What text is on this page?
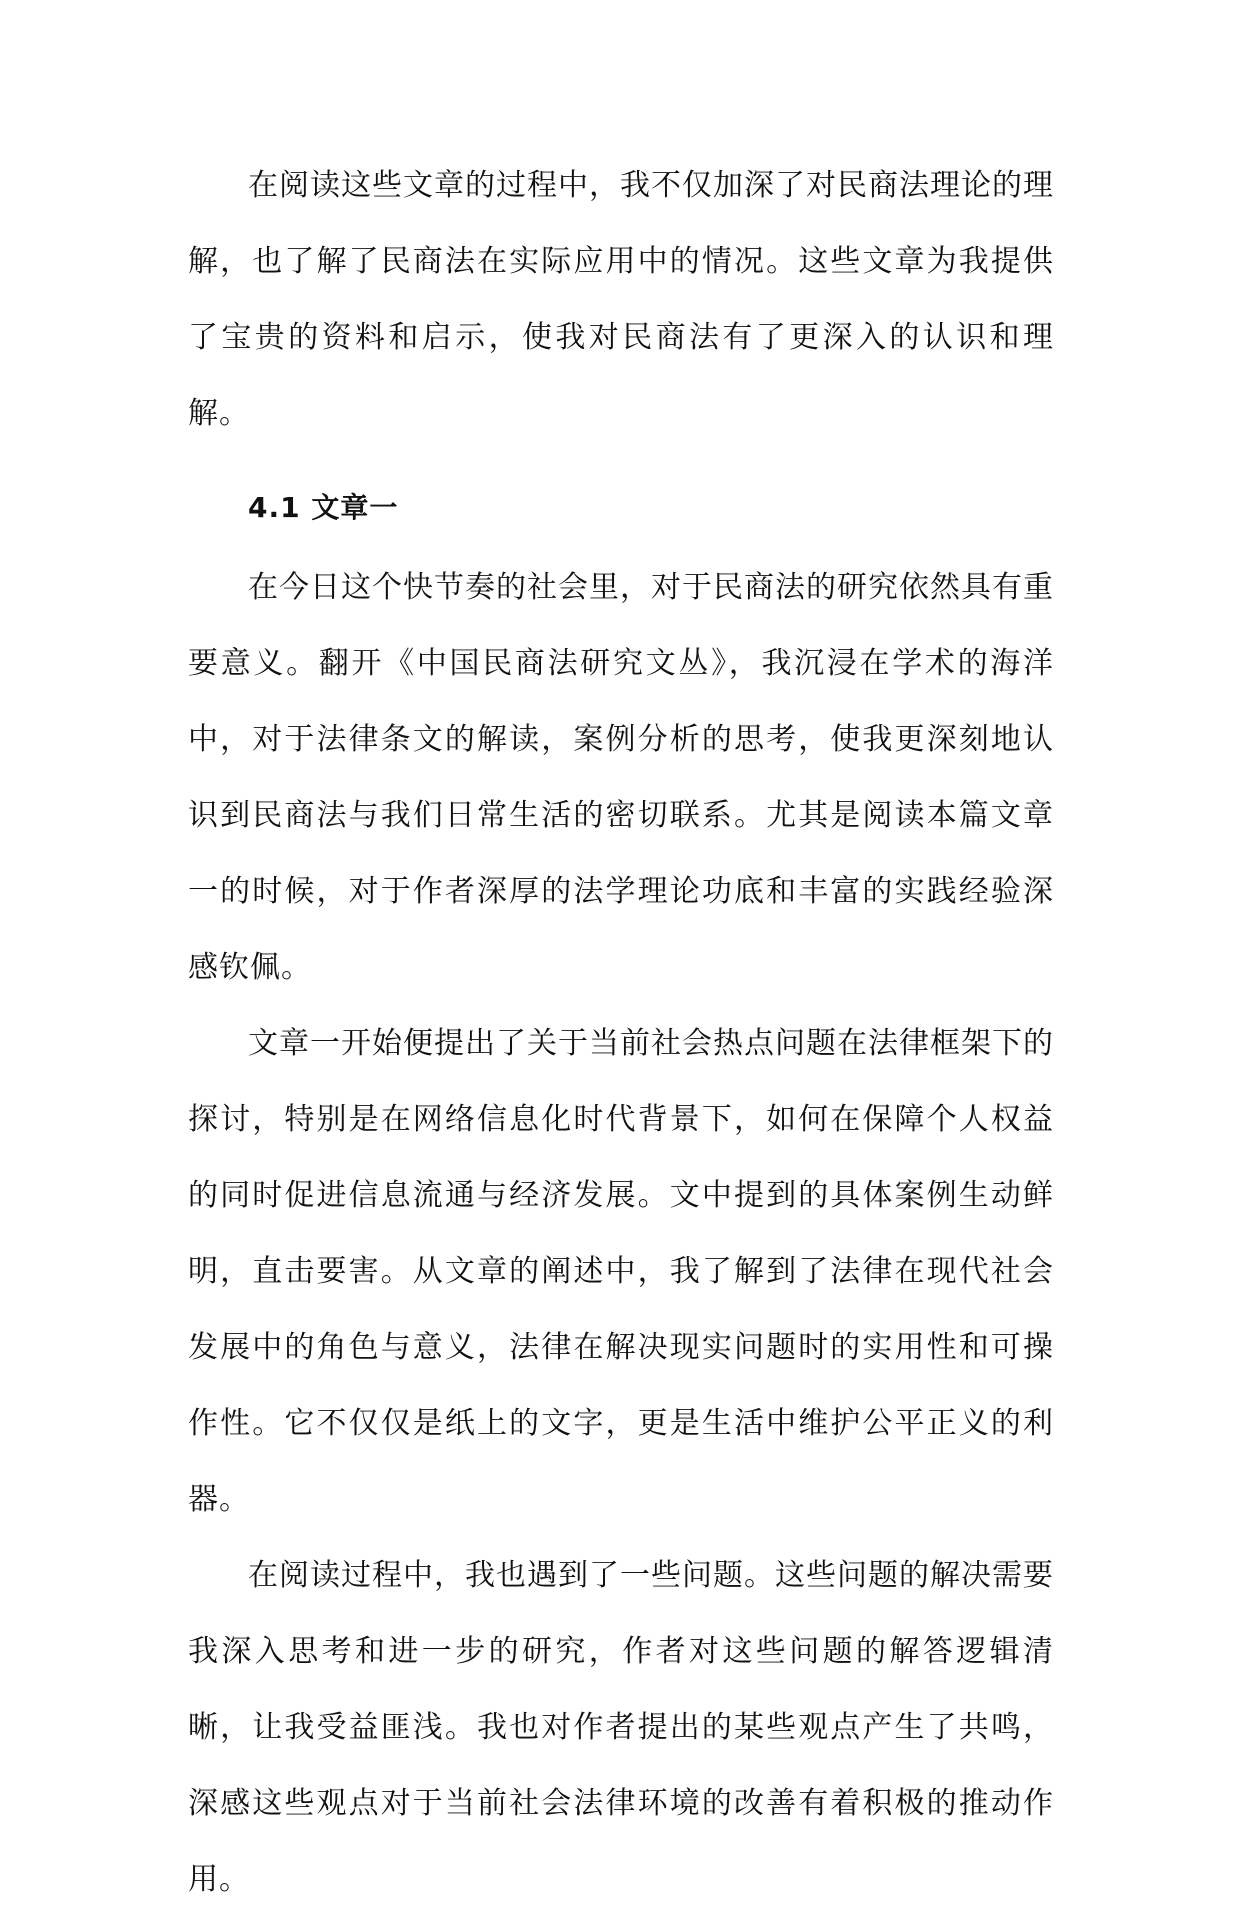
在阅读这些文章的过程中，我不仅加深了对民商法理论的理解，也了解了民商法在实际应用中的情况。这些文章为我提供了宝贵的资料和启示，使我对民商法有了更深入的认识和理解。

4.1 文章一

在今日这个快节奏的社会里，对于民商法的研究依然具有重要意义。翻开《中国民商法研究文丛》，我沉浸在学术的海洋中，对于法律条文的解读，案例分析的思考，使我更深刻地认识到民商法与我们日常生活的密切联系。尤其是阅读本篇文章一的时候，对于作者深厚的法学理论功底和丰富的实践经验深感钦佩。

文章一开始便提出了关于当前社会热点问题在法律框架下的探讨，特别是在网络信息化时代背景下，如何在保障个人权益的同时促进信息流通与经济发展。文中提到的具体案例生动鲜明，直击要害。从文章的阐述中，我了解到了法律在现代社会发展中的角色与意义，法律在解决现实问题时的实用性和可操作性。它不仅仅是纸上的文字，更是生活中维护公平正义的利器。

在阅读过程中，我也遇到了一些问题。这些问题的解决需要我深入思考和进一步的研究，作者对这些问题的解答逻辑清晰，让我受益匪浅。我也对作者提出的某些观点产生了共鸣，深感这些观点对于当前社会法律环境的改善有着积极的推动作用。
